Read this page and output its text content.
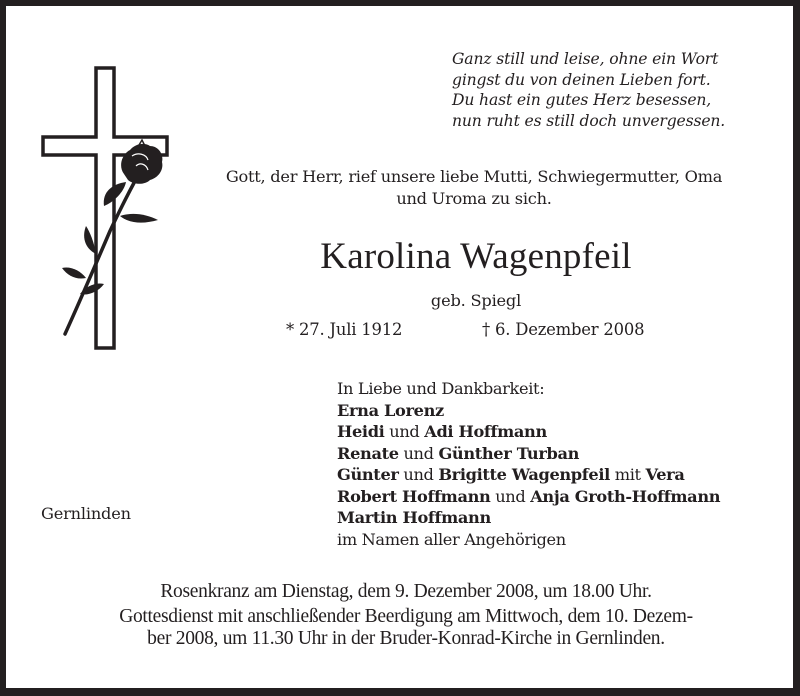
Ganz still und leise, ohne ein Wort
gingst du von deinen Lieben fort.
Du hast ein gutes Herz besessen,
nun ruht es still doch unvergessen.
Gott, der Herr, rief unsere liebe Mutti, Schwiegermutter, Oma
und Uroma zu sich.
Karolina Wagenpfeil
geb. Spiegl
* 27. Juli 1912	† 6. Dezember 2008
In Liebe und Dankbarkeit:
Erna Lorenz
Heidi und Adi Hoffmann
Renate und Günther Turban
Günter und Brigitte Wagenpfeil mit Vera
Robert Hoffmann und Anja Groth-Hoffmann
Martin Hoffmann
im Namen aller Angehörigen
Gernlinden
Rosenkranz am Dienstag, dem 9. Dezember 2008, um 18.00 Uhr.
Gottesdienst mit anschließender Beerdigung am Mittwoch, dem 10. Dezem-
ber 2008, um 11.30 Uhr in der Bruder-Konrad-Kirche in Gernlinden.
